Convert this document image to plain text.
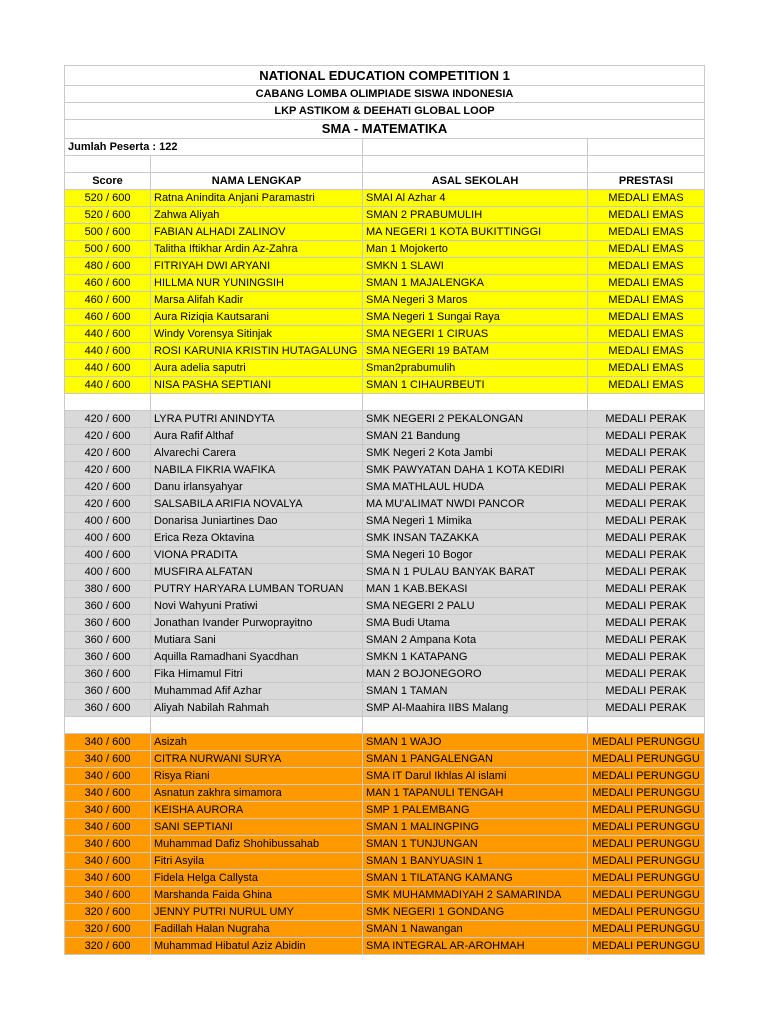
NATIONAL EDUCATION COMPETITION 1			
CABANG LOMBA OLIMPIADE SISWA INDONESIA			
LKP ASTIKOM & DEEHATI GLOBAL LOOP			
SMA - MATEMATIKA			
Jumlah Peserta : 122			

Score	NAMA LENGKAP	ASAL SEKOLAH	PRESTASI
520 / 600	Ratna Anindita Anjani Paramastri	SMAI Al Azhar 4	MEDALI EMAS
520 / 600	Zahwa Aliyah	SMAN 2 PRABUMULIH	MEDALI EMAS
500 / 600	FABIAN ALHADI ZALINOV	MA NEGERI 1 KOTA BUKITTINGGI	MEDALI EMAS
500 / 600	Talitha Iftikhar Ardin Az-Zahra	Man 1 Mojokerto	MEDALI EMAS
480 / 600	FITRIYAH DWI ARYANI	SMKN 1 SLAWI	MEDALI EMAS
460 / 600	HILLMA NUR YUNINGSIH	SMAN 1 MAJALENGKA	MEDALI EMAS
460 / 600	Marsa Alifah Kadir	SMA Negeri 3 Maros	MEDALI EMAS
460 / 600	Aura Riziqia Kautsarani	SMA Negeri 1 Sungai Raya	MEDALI EMAS
440 / 600	Windy Vorensya Sitinjak	SMA NEGERI 1 CIRUAS	MEDALI EMAS
440 / 600	ROSI KARUNIA KRISTIN HUTAGALUNG	SMA NEGERI 19 BATAM	MEDALI EMAS
440 / 600	Aura adelia saputri	Sman2prabumulih	MEDALI EMAS
440 / 600	NISA PASHA SEPTIANI	SMAN 1 CIHAURBEUTI	MEDALI EMAS

420 / 600	LYRA PUTRI ANINDYTA	SMK NEGERI 2 PEKALONGAN	MEDALI PERAK
420 / 600	Aura Rafif Althaf	SMAN 21 Bandung	MEDALI PERAK
420 / 600	Alvarechi Carera	SMK Negeri 2 Kota Jambi	MEDALI PERAK
420 / 600	NABILA FIKRIA WAFIKA	SMK PAWYATAN DAHA 1 KOTA KEDIRI	MEDALI PERAK
420 / 600	Danu irlansyahyar	SMA MATHLAUL HUDA	MEDALI PERAK
420 / 600	SALSABILA ARIFIA NOVALYA	MA MU'ALIMAT NWDI PANCOR	MEDALI PERAK
400 / 600	Donarisa Juniartines Dao	SMA Negeri 1 Mimika	MEDALI PERAK
400 / 600	Erica Reza Oktavina	SMK INSAN TAZAKKA	MEDALI PERAK
400 / 600	VIONA PRADITA	SMA Negeri 10 Bogor	MEDALI PERAK
400 / 600	MUSFIRA ALFATAN	SMA N 1 PULAU BANYAK BARAT	MEDALI PERAK
380 / 600	PUTRY HARYARA LUMBAN TORUAN	MAN 1 KAB.BEKASI	MEDALI PERAK
360 / 600	Novi Wahyuni Pratiwi	SMA NEGERI 2 PALU	MEDALI PERAK
360 / 600	Jonathan Ivander Purwoprayitno	SMA Budi Utama	MEDALI PERAK
360 / 600	Mutiara Sani	SMAN 2 Ampana Kota	MEDALI PERAK
360 / 600	Aquilla Ramadhani Syacdhan	SMKN 1 KATAPANG	MEDALI PERAK
360 / 600	Fika Himamul Fitri	MAN 2 BOJONEGORO	MEDALI PERAK
360 / 600	Muhammad Afif Azhar	SMAN 1 TAMAN	MEDALI PERAK
360 / 600	Aliyah Nabilah Rahmah	SMP Al-Maahira IIBS Malang	MEDALI PERAK

340 / 600	Asizah	SMAN 1 WAJO	MEDALI PERUNGGU
340 / 600	CITRA NURWANI SURYA	SMAN 1 PANGALENGAN	MEDALI PERUNGGU
340 / 600	Risya Riani	SMA IT Darul Ikhlas Al islami	MEDALI PERUNGGU
340 / 600	Asnatun zakhra simamora	MAN 1 TAPANULI TENGAH	MEDALI PERUNGGU
340 / 600	KEISHA AURORA	SMP 1 PALEMBANG	MEDALI PERUNGGU
340 / 600	SANI SEPTIANI	SMAN 1 MALINGPING	MEDALI PERUNGGU
340 / 600	Muhammad Dafiz Shohibussahab	SMAN 1 TUNJUNGAN	MEDALI PERUNGGU
340 / 600	Fitri Asyila	SMAN 1 BANYUASIN 1	MEDALI PERUNGGU
340 / 600	Fidela Helga Callysta	SMAN 1 TILATANG KAMANG	MEDALI PERUNGGU
340 / 600	Marshanda Faida Ghina	SMK MUHAMMADIYAH 2 SAMARINDA	MEDALI PERUNGGU
320 / 600	JENNY PUTRI NURUL UMY	SMK NEGERI 1 GONDANG	MEDALI PERUNGGU
320 / 600	Fadillah Halan Nugraha	SMAN 1 Nawangan	MEDALI PERUNGGU
320 / 600	Muhammad Hibatul Aziz Abidin	SMA INTEGRAL AR-AROHMAH	MEDALI PERUNGGU
